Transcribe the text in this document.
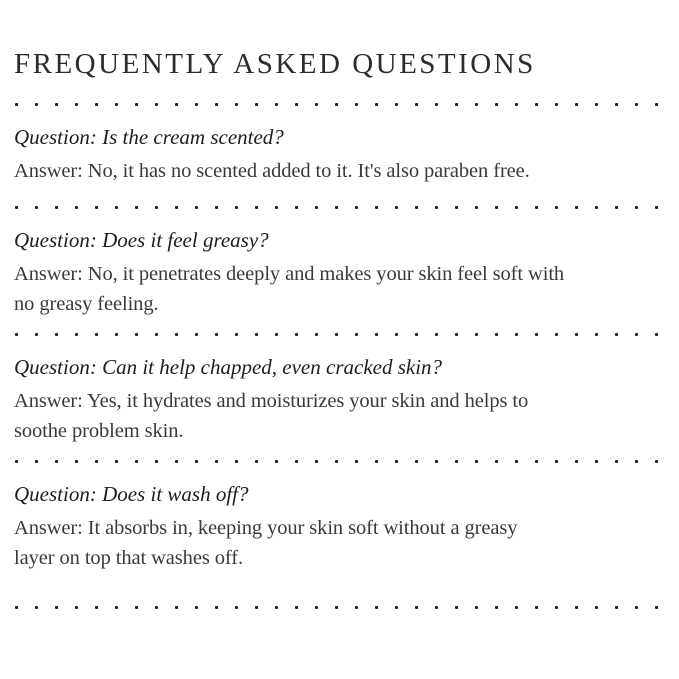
FREQUENTLY ASKED QUESTIONS

Question: Is the cream scented?

Answer: No, it has no scented added to it. It's also paraben free.

Question: Does it feel greasy?

Answer: No, it penetrates deeply and makes your skin feel soft with
no greasy feeling.

Question: Can it help chapped, even cracked skin?

Answer: Yes, it hydrates and moisturizes your skin and helps to
soothe problem skin.

Question: Does it wash off?

Answer: It absorbs in, keeping your skin soft without a greasy
layer on top that washes off.
